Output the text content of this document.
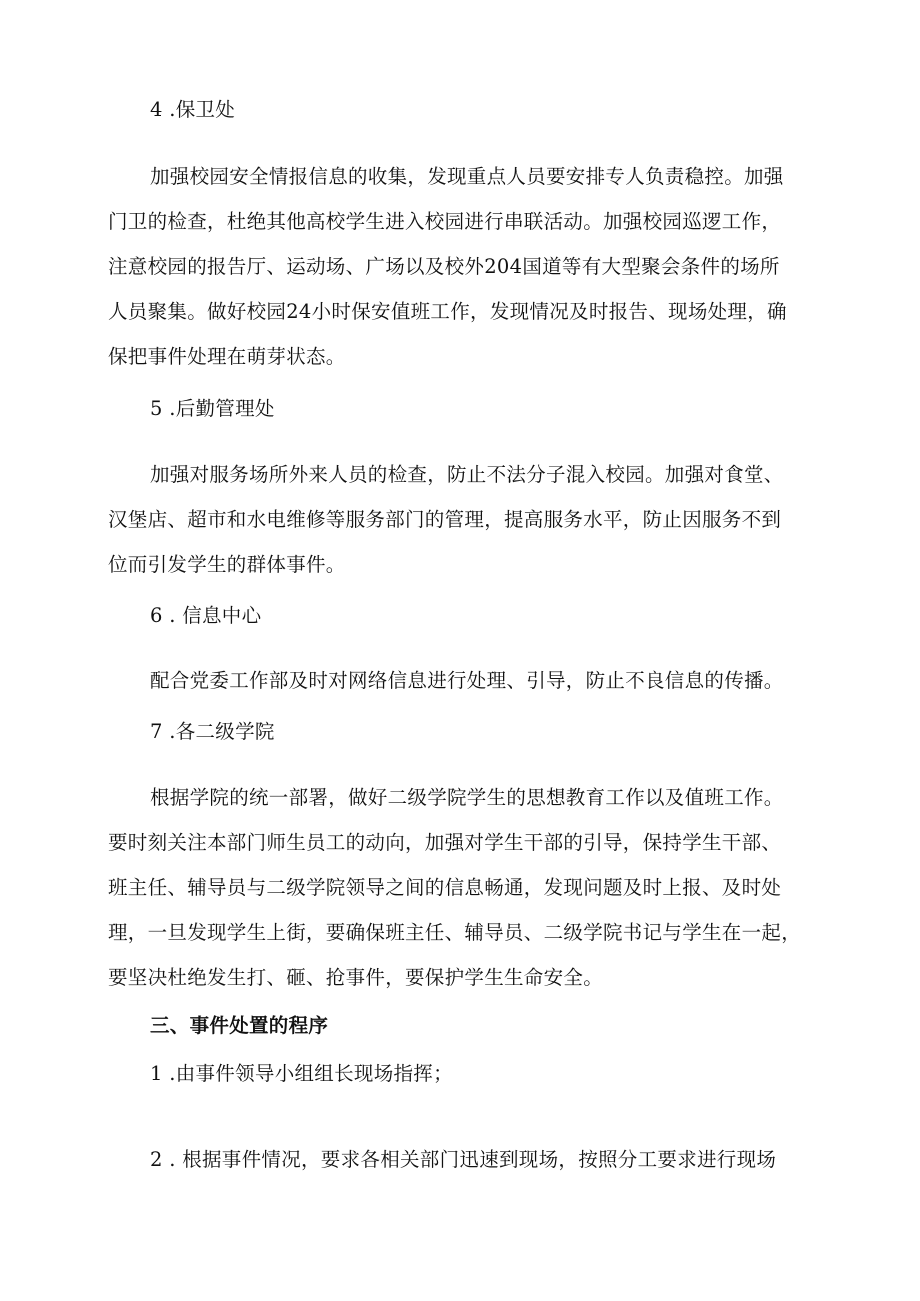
4 .保卫处
加强校园安全情报信息的收集，发现重点人员要安排专人负责稳控。加强
门卫的检查，杜绝其他高校学生进入校园进行串联活动。加强校园巡逻工作，
注意校园的报告厅、运动场、广场以及校外204国道等有大型聚会条件的场所
人员聚集。做好校园24小时保安值班工作，发现情况及时报告、现场处理，确
保把事件处理在萌芽状态。
5 .后勤管理处
加强对服务场所外来人员的检查，防止不法分子混入校园。加强对食堂、
汉堡店、超市和水电维修等服务部门的管理，提高服务水平，防止因服务不到
位而引发学生的群体事件。
6 . 信息中心
配合党委工作部及时对网络信息进行处理、引导，防止不良信息的传播。
7 .各二级学院
根据学院的统一部署，做好二级学院学生的思想教育工作以及值班工作。
要时刻关注本部门师生员工的动向，加强对学生干部的引导，保持学生干部、
班主任、辅导员与二级学院领导之间的信息畅通，发现问题及时上报、及时处
理，一旦发现学生上街，要确保班主任、辅导员、二级学院书记与学生在一起，
要坚决杜绝发生打、砸、抢事件，要保护学生生命安全。
三、事件处置的程序
1 .由事件领导小组组长现场指挥；
2 . 根据事件情况，要求各相关部门迅速到现场，按照分工要求进行现场
